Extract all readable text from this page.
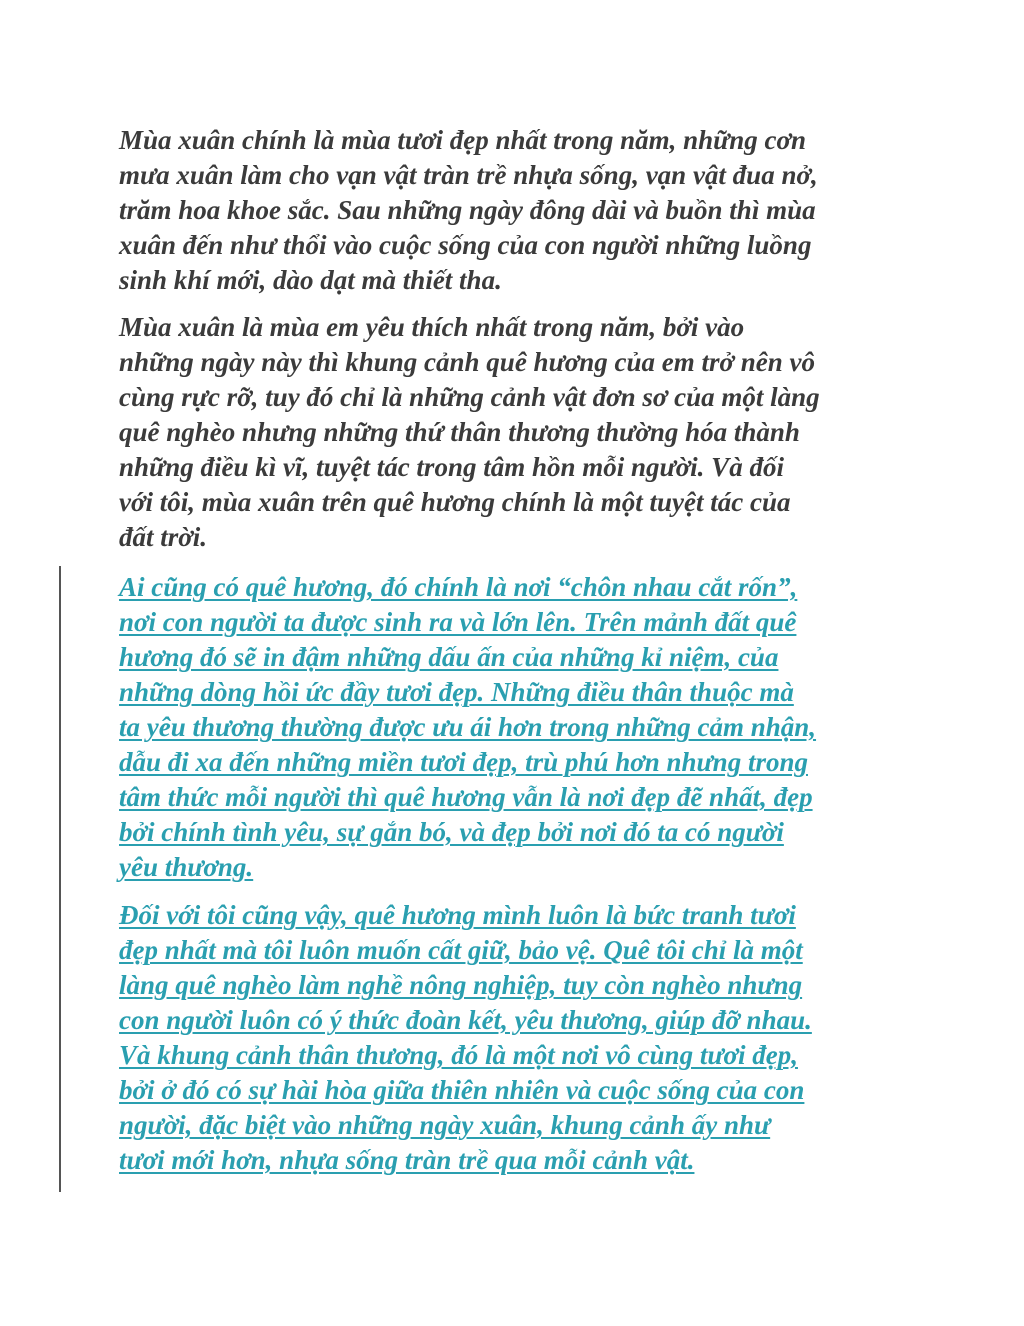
Mùa xuân chính là mùa tươi đẹp nhất trong năm, những cơn
mưa xuân làm cho vạn vật tràn trề nhựa sống, vạn vật đua nở,
trăm hoa khoe sắc. Sau những ngày đông dài và buồn thì mùa
xuân đến như thổi vào cuộc sống của con người những luồng
sinh khí mới, dào dạt mà thiết tha.

Mùa xuân là mùa em yêu thích nhất trong năm, bởi vào
những ngày này thì khung cảnh quê hương của em trở nên vô
cùng rực rỡ, tuy đó chỉ là những cảnh vật đơn sơ của một làng
quê nghèo nhưng những thứ thân thương thường hóa thành
những điều kì vĩ, tuyệt tác trong tâm hồn mỗi người. Và đối
với tôi, mùa xuân trên quê hương chính là một tuyệt tác của
đất trời.

Ai cũng có quê hương, đó chính là nơi “chôn nhau cắt rốn”,
nơi con người ta được sinh ra và lớn lên. Trên mảnh đất quê
hương đó sẽ in đậm những dấu ấn của những kỉ niệm, của
những dòng hồi ức đầy tươi đẹp. Những điều thân thuộc mà
ta yêu thương thường được ưu ái hơn trong những cảm nhận,
dẫu đi xa đến những miền tươi đẹp, trù phú hơn nhưng trong
tâm thức mỗi người thì quê hương vẫn là nơi đẹp đẽ nhất, đẹp
bởi chính tình yêu, sự gắn bó, và đẹp bởi nơi đó ta có người
yêu thương.

Đối với tôi cũng vậy, quê hương mình luôn là bức tranh tươi
đẹp nhất mà tôi luôn muốn cất giữ, bảo vệ. Quê tôi chỉ là một
làng quê nghèo làm nghề nông nghiệp, tuy còn nghèo nhưng
con người luôn có ý thức đoàn kết, yêu thương, giúp đỡ nhau.
Và khung cảnh thân thương, đó là một nơi vô cùng tươi đẹp,
bởi ở đó có sự hài hòa giữa thiên nhiên và cuộc sống của con
người, đặc biệt vào những ngày xuân, khung cảnh ấy như
tươi mới hơn, nhựa sống tràn trề qua mỗi cảnh vật.
